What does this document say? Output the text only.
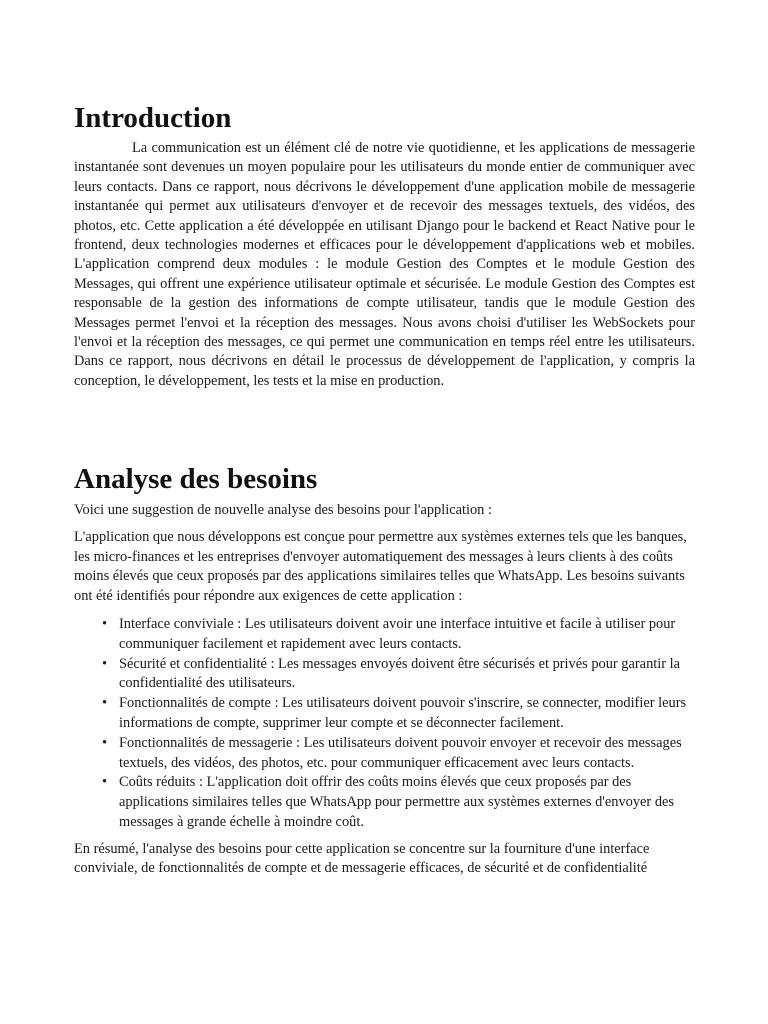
Introduction

La communication est un élément clé de notre vie quotidienne, et les applications de messagerie instantanée sont devenues un moyen populaire pour les utilisateurs du monde entier de communiquer avec leurs contacts. Dans ce rapport, nous décrivons le développement d'une application mobile de messagerie instantanée qui permet aux utilisateurs d'envoyer et de recevoir des messages textuels, des vidéos, des photos, etc. Cette application a été développée en utilisant Django pour le backend et React Native pour le frontend, deux technologies modernes et efficaces pour le développement d'applications web et mobiles. L'application comprend deux modules : le module Gestion des Comptes et le module Gestion des Messages, qui offrent une expérience utilisateur optimale et sécurisée. Le module Gestion des Comptes est responsable de la gestion des informations de compte utilisateur, tandis que le module Gestion des Messages permet l'envoi et la réception des messages. Nous avons choisi d'utiliser les WebSockets pour l'envoi et la réception des messages, ce qui permet une communication en temps réel entre les utilisateurs. Dans ce rapport, nous décrivons en détail le processus de développement de l'application, y compris la conception, le développement, les tests et la mise en production.

Analyse des besoins

Voici une suggestion de nouvelle analyse des besoins pour l'application :

L'application que nous développons est conçue pour permettre aux systèmes externes tels que les banques, les micro-finances et les entreprises d'envoyer automatiquement des messages à leurs clients à des coûts moins élevés que ceux proposés par des applications similaires telles que WhatsApp. Les besoins suivants ont été identifiés pour répondre aux exigences de cette application :

• Interface conviviale : Les utilisateurs doivent avoir une interface intuitive et facile à utiliser pour communiquer facilement et rapidement avec leurs contacts.
• Sécurité et confidentialité : Les messages envoyés doivent être sécurisés et privés pour garantir la confidentialité des utilisateurs.
• Fonctionnalités de compte : Les utilisateurs doivent pouvoir s'inscrire, se connecter, modifier leurs informations de compte, supprimer leur compte et se déconnecter facilement.
• Fonctionnalités de messagerie : Les utilisateurs doivent pouvoir envoyer et recevoir des messages textuels, des vidéos, des photos, etc. pour communiquer efficacement avec leurs contacts.
• Coûts réduits : L'application doit offrir des coûts moins élevés que ceux proposés par des applications similaires telles que WhatsApp pour permettre aux systèmes externes d'envoyer des messages à grande échelle à moindre coût.

En résumé, l'analyse des besoins pour cette application se concentre sur la fourniture d'une interface conviviale, de fonctionnalités de compte et de messagerie efficaces, de sécurité et de confidentialité
